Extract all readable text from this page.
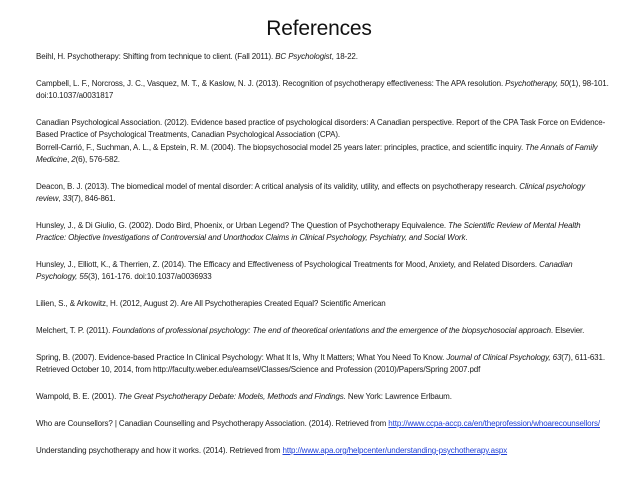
References

Beihl, H. Psychotherapy: Shifting from technique to client. (Fall 2011). BC Psychologist, 18-22.

Campbell, L. F., Norcross, J. C., Vasquez, M. T., & Kaslow, N. J. (2013). Recognition of psychotherapy effectiveness: The APA resolution. Psychotherapy, 50(1), 98-101. doi:10.1037/a0031817

Canadian Psychological Association. (2012). Evidence based practice of psychological disorders: A Canadian perspective. Report of the CPA Task Force on Evidence-Based Practice of Psychological Treatments, Canadian Psychological Association (CPA).

Borrell-Carrió, F., Suchman, A. L., & Epstein, R. M. (2004). The biopsychosocial model 25 years later: principles, practice, and scientific inquiry. The Annals of Family Medicine, 2(6), 576-582.

Deacon, B. J. (2013). The biomedical model of mental disorder: A critical analysis of its validity, utility, and effects on psychotherapy research. Clinical psychology review, 33(7), 846-861.

Hunsley, J., & Di Giulio, G. (2002). Dodo Bird, Phoenix, or Urban Legend? The Question of Psychotherapy Equivalence. The Scientific Review of Mental Health Practice: Objective Investigations of Controversial and Unorthodox Claims in Clinical Psychology, Psychiatry, and Social Work.

Hunsley, J., Elliott, K., & Therrien, Z. (2014). The Efficacy and Effectiveness of Psychological Treatments for Mood, Anxiety, and Related Disorders. Canadian Psychology, 55(3), 161-176. doi:10.1037/a0036933

Lilien, S., & Arkowitz, H. (2012, August 2). Are All Psychotherapies Created Equal? Scientific American

Melchert, T. P. (2011). Foundations of professional psychology: The end of theoretical orientations and the emergence of the biopsychosocial approach. Elsevier.

Spring, B. (2007). Evidence-based Practice In Clinical Psychology: What It Is, Why It Matters; What You Need To Know. Journal of Clinical Psychology, 63(7), 611-631. Retrieved October 10, 2014, from http://faculty.weber.edu/eamsel/Classes/Science and Profession (2010)/Papers/Spring 2007.pdf

Wampold, B. E. (2001). The Great Psychotherapy Debate: Models, Methods and Findings. New York: Lawrence Erlbaum.

Who are Counsellors? | Canadian Counselling and Psychotherapy Association. (2014). Retrieved from http://www.ccpa-accp.ca/en/theprofession/whoarecounsellors/

Understanding psychotherapy and how it works. (2014). Retrieved from http://www.apa.org/helpcenter/understanding-psychotherapy.aspx
